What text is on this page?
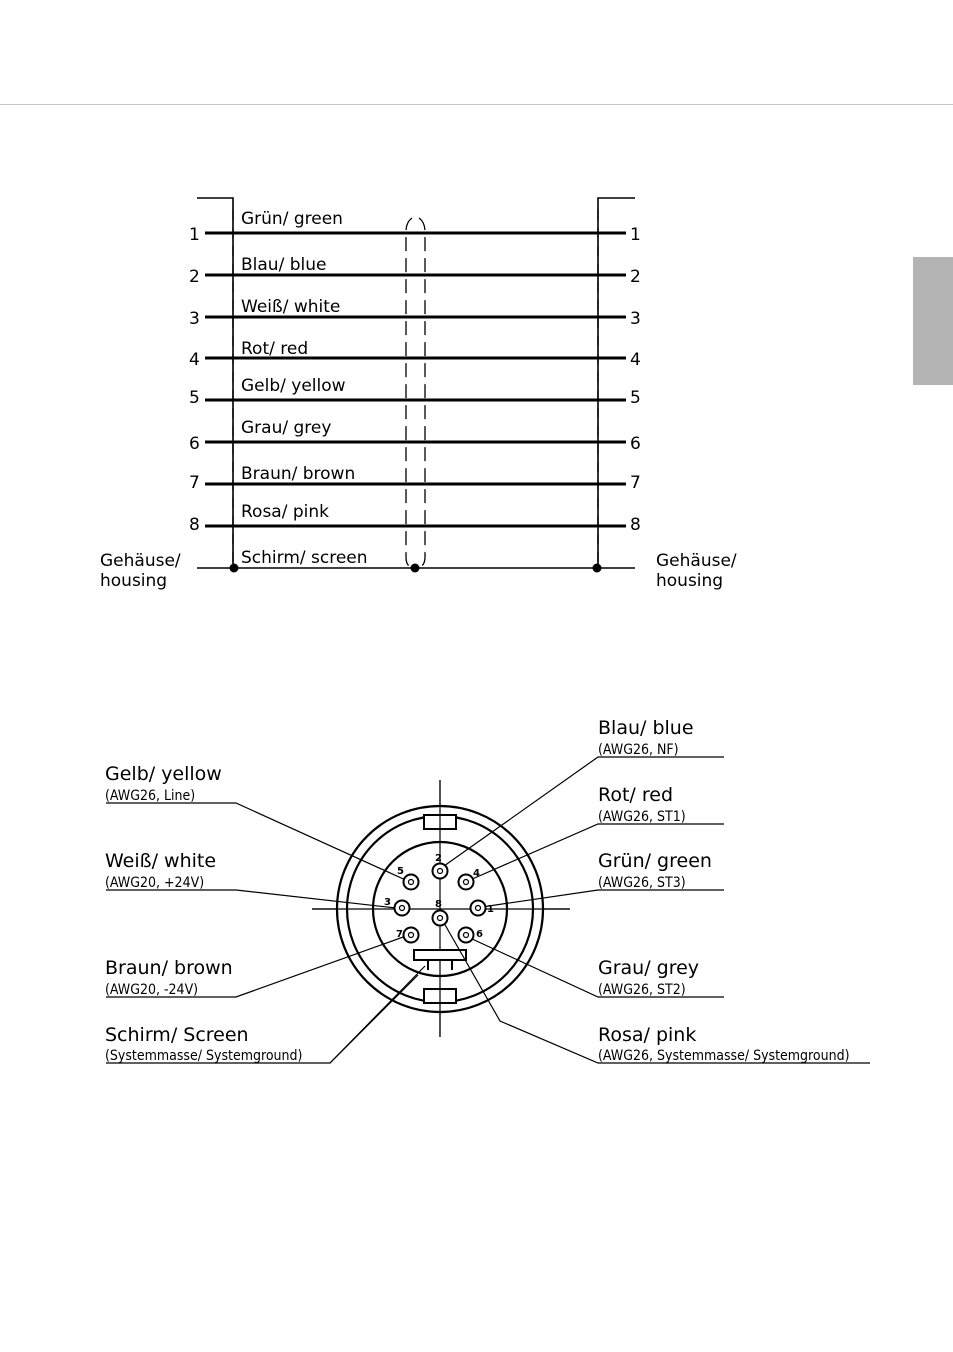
1
2
3
4
5
6
7
8
1
2
3
4
5
6
7
8
Grün/ green
Blau/ blue
Weiß/ white
Rot/ red
Gelb/ yellow
Grau/ grey
Braun/ brown
Rosa/ pink
Schirm/ screen
Gehäuse/
housing
Gehäuse/
housing
2
5	4
3
1
8
7	6
Gelb/ yellow
(AWG26, Line)
Weiß/ white
(AWG20, +24V)
Braun/ brown
(AWG20, -24V)
Schirm/ Screen
(Systemmasse/ Systemground)
Blau/ blue
(AWG26, NF)
Rot/ red
(AWG26, ST1)
Grün/ green
(AWG26, ST3)
Grau/ grey
(AWG26, ST2)
Rosa/ pink
(AWG26, Systemmasse/ Systemground)
